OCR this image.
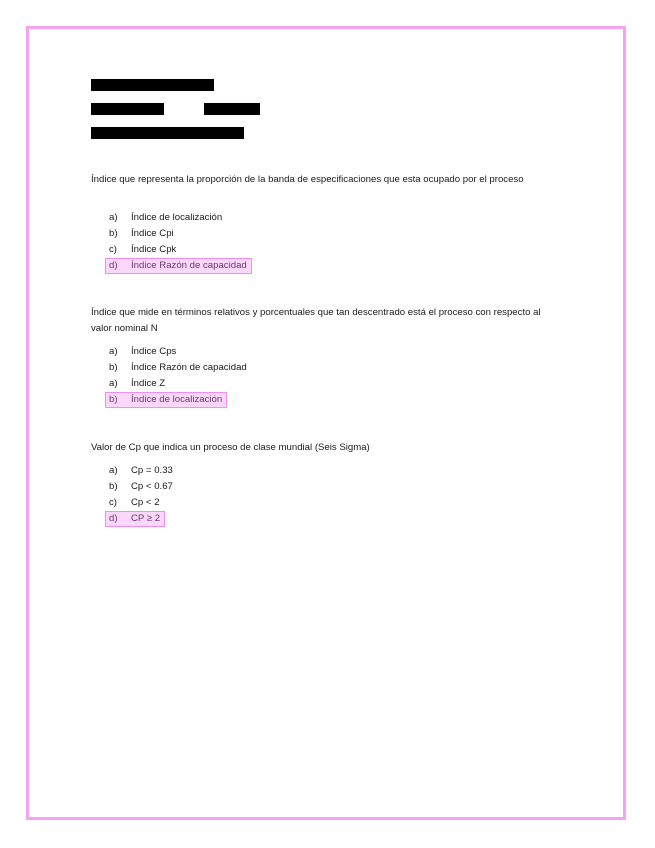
Índice que representa la proporción de la banda de especificaciones que esta ocupado por el proceso
a) Índice de localización
b) Índice Cpi
c) Índice Cpk
d) Índice Razón de capacidad
Índice que mide en términos relativos y porcentuales que tan descentrado está el proceso con respecto al valor nominal N
a) Índice Cps
b) Índice Razón de capacidad
a) Índice Z
b) Índice de localización
Valor de Cp que indica un proceso de clase mundial (Seis Sigma)
a) Cp = 0.33
b) Cp < 0.67
c) Cp < 2
d) CP ≥ 2
